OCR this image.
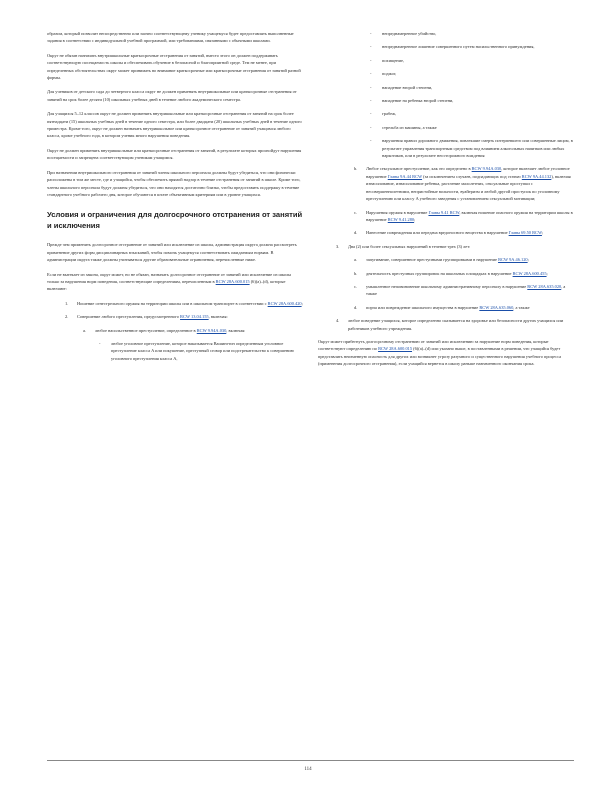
образом, который позволит непосредственно или заочно соответствующему ученику учащемуся будет предоставлять выполненные задания в соответствии с индивидуальной учебной программой, или требованиями, связанными с обычными школами.

Округ не обязан назначать внутришкольные краткосрочные отстранения от занятий, вместо этого он должен поддерживать соответствующую посещаемость школы и обеспечивать обучение в безопасной и благоприятной среде. Тем не менее, при определенных обстоятельствах округ может принимать во внимание краткосрочные или краткосрочные отстранения от занятий разной формы.

Для учеников от детского сада до четвертого класса округ не должен применять внутришкольные или краткосрочные отстранения от занятий на срок более десяти (10) школьных учебных дней в течение любого академического семестра.

Для учащихся 5–12 классов округ не должен применять внутришкольные или краткосрочные отстранения от занятий на срок более пятнадцати (15) школьных учебных дней в течение одного семестра, или более двадцати (20) школьных учебных дней в течение одного триместра. Кроме того, округ не должен назначать внутришкольное или краткосрочное отстранение от занятий учащимся любого класса, кроме учебного года, в котором ученик много нарушения поведения.

Округ не должен применять внутришкольные или краткосрочные отстранения от занятий, в результате которых произойдут нарушения посещаемости и запрещена соответствующим ученикам учащимся.

При назначении внутришкольного отстранения от занятий члены школьного персонала должны будут убедиться, что они физически расположены в том же месте, где и учащийся, чтобы обеспечить прямой надзор в течение отстранения от занятий в школе. Кроме того, члены школьного персонала будут должны убедиться, что они находятся достаточно близко, чтобы предоставить поддержку в течение стандартного учебного рабочего дня, которое обучаются в штате объективным критериям или в уровне учащихся.

Условия и ограничения для долгосрочного отстранения от занятий и исключения

Прежде чем применить долгосрочное отстранение от занятий или исключение из школы, администрация округа должна рассмотреть применение других форм дисциплинарных взысканий, чтобы помочь учащемуся соответствовать ожидаемым нормам. В администрации округа также должны учитываться другие образовательные ограничения, перечисленные ниже.

Если не вытекает из закона, округ может, но не обязан, назначать долгосрочное отстранение от занятий или исключение из школы только за нарушения норм поведения, соответствующие определениям, перечисленным в RCW 28A.600.015 (6)(a)–(d), которые включают:

1.	Ношение огнестрельного оружия на территории школы или в школьном транспорте в соответствии с RCW 28A.600.420;
2.	Совершение любого преступления, предусмотренного RCW 13.04.155, включая:
a.	любое насильственное преступление, определенное в RCW 9.94A.030, включая:
-	любое уголовное преступление, которое наказывается Вашингтон определенным уголовное преступление класса A или покушение, преступный сговор или подстрекательство к совершению уголовного преступления класса A,
-	непреднамеренное убийство,
-	непреднамеренное лишение совершенного путем насильственного принуждения,
-	похищение,
-	поджог,
-	нападение второй степени,
-	нападение на ребенка второй степени,
-	грабеж,
-	стрельба из машины, а также
-	нарушения правил дорожного движения, повлекшие смерть потерпевшего или совершенные лицом, в результате управления транспортным средством под влиянием алкогольных напитков или любых наркотиков, или в результате неосторожного вождения
b.	Любое сексуальное преступление, как это определено в RCW 9.94A.030, которое включает любое уголовное нарушение Главы 9A.44 RCW (за исключением случаев, подпадающих под статью RCW 9A.44.132), включая изнасилование, изнасилование ребенка, растление малолетних, сексуальные проступки с несовершеннолетними, непристойные вольности, вуайеризм и любой другой проступок по уголовному преступлению или классу A учебного заведения с установлением сексуальной мотивации;
c.	Нарушения оружия в нарушение Главы 9.41 RCW, включая ношение опасного оружия на территории школы в нарушение RCW 9.41.280;
d.	Нанесение повреждения или передача вредоносного вещества в нарушение Главы 69.50 RCW;
3.	Два (2) или более сексуальных нарушений в течение трех (3) лет:
a.	запугивание, совершенное преступными группировками в нарушение RCW 9A.46.120;
b.	деятельность преступных группировок на школьных площадках в нарушение RCW 28A.600.455;
c.	умышленное неповиновение школьному административному персоналу в нарушение RCW 28A.635.020, а также
d.	порча или повреждение школьного имущества в нарушение RCW 28A.635.060, а также
4.	любое поведение учащихся, которое определенно сказывается на здоровье или безопасности других учащихся или работников учебного учреждения.

Округ может прибегнуть долгосрочному отстранению от занятий или исключению за нарушение норм поведения, которые соответствуют определению по RCW 28A.600.015 (6)(a)–(d) или указано выше, в поставленными в решении, что учащийся будет представлять неизменную опасность для других или возникнет угрозу разумного и существенного нарушения учебного процесса (применения долгосрочного отстранения), если учащийся вернется в школу раньше назначенного окончания срока.

114
